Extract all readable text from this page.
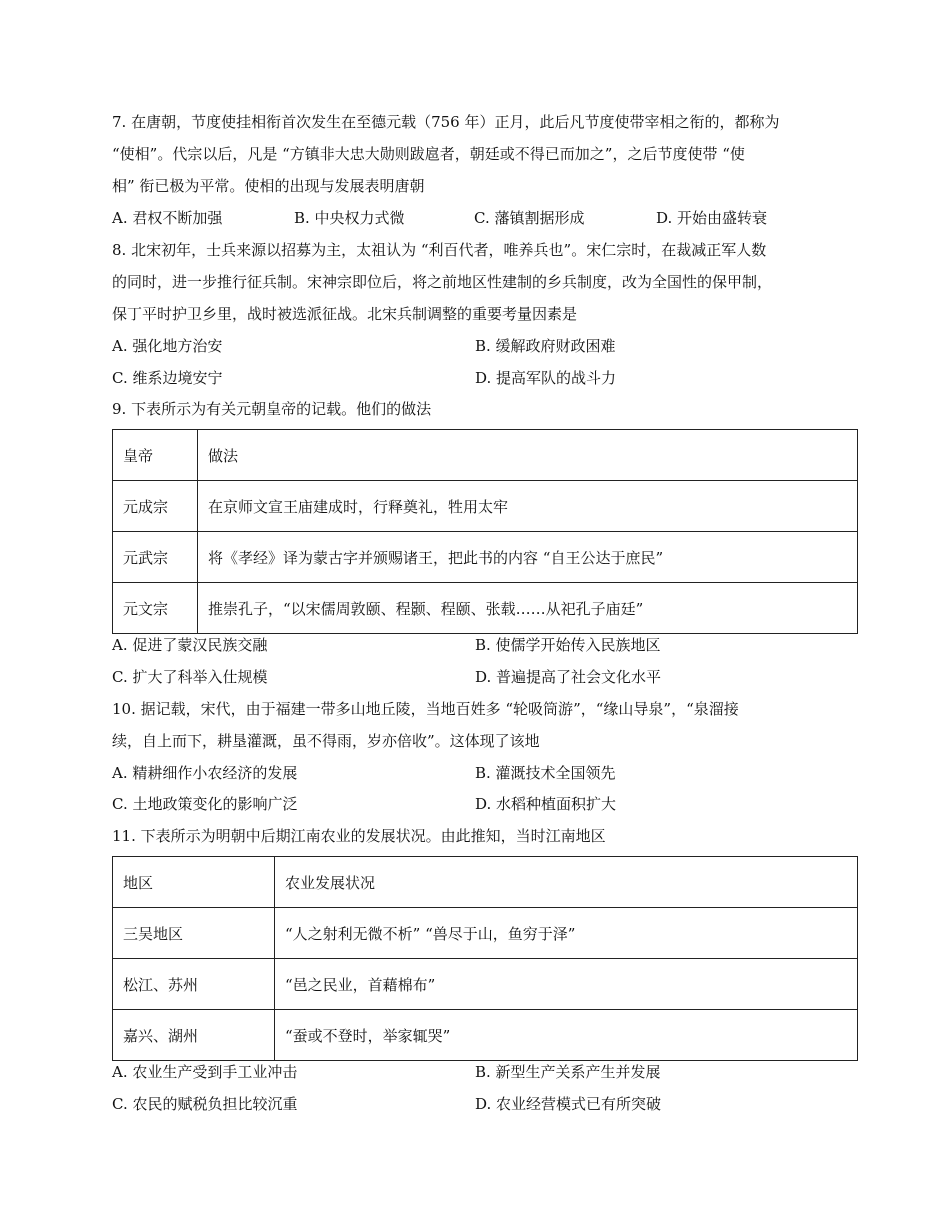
7. 在唐朝，节度使挂相衔首次发生在至德元载（756 年）正月，此后凡节度使带宰相之衔的，都称为
“使相”。代宗以后，凡是 “方镇非大忠大勋则跋扈者，朝廷或不得已而加之”，之后节度使带 “使
相” 衔已极为平常。使相的出现与发展表明唐朝
A. 君权不断加强	B. 中央权力式微	C. 藩镇割据形成	D. 开始由盛转衰
8. 北宋初年，士兵来源以招募为主，太祖认为 “利百代者，唯养兵也”。宋仁宗时，在裁减正军人数
的同时，进一步推行征兵制。宋神宗即位后，将之前地区性建制的乡兵制度，改为全国性的保甲制，
保丁平时护卫乡里，战时被选派征战。北宋兵制调整的重要考量因素是
A. 强化地方治安	B. 缓解政府财政困难
C. 维系边境安宁	D. 提高军队的战斗力
9. 下表所示为有关元朝皇帝的记载。他们的做法
皇帝	做法
元成宗	在京师文宣王庙建成时，行释奠礼，牲用太牢
元武宗	将《孝经》译为蒙古字并颁赐诸王，把此书的内容 “自王公达于庶民”
元文宗	推崇孔子，“以宋儒周敦颐、程颢、程颐、张载……从祀孔子庙廷”
A. 促进了蒙汉民族交融	B. 使儒学开始传入民族地区
C. 扩大了科举入仕规模	D. 普遍提高了社会文化水平
10. 据记载，宋代，由于福建一带多山地丘陵，当地百姓多 “轮吸筒游”，“缘山导泉”，“泉溜接
续，自上而下，耕垦灌溉，虽不得雨，岁亦倍收”。这体现了该地
A. 精耕细作小农经济的发展	B. 灌溉技术全国领先
C. 土地政策变化的影响广泛	D. 水稻种植面积扩大
11. 下表所示为明朝中后期江南农业的发展状况。由此推知，当时江南地区
地区	农业发展状况
三吴地区	“人之射利无微不析” “兽尽于山，鱼穷于泽”
松江、苏州	“邑之民业，首藉棉布”
嘉兴、湖州	“蚕或不登时，举家辄哭”
A. 农业生产受到手工业冲击	B. 新型生产关系产生并发展
C. 农民的赋税负担比较沉重	D. 农业经营模式已有所突破
